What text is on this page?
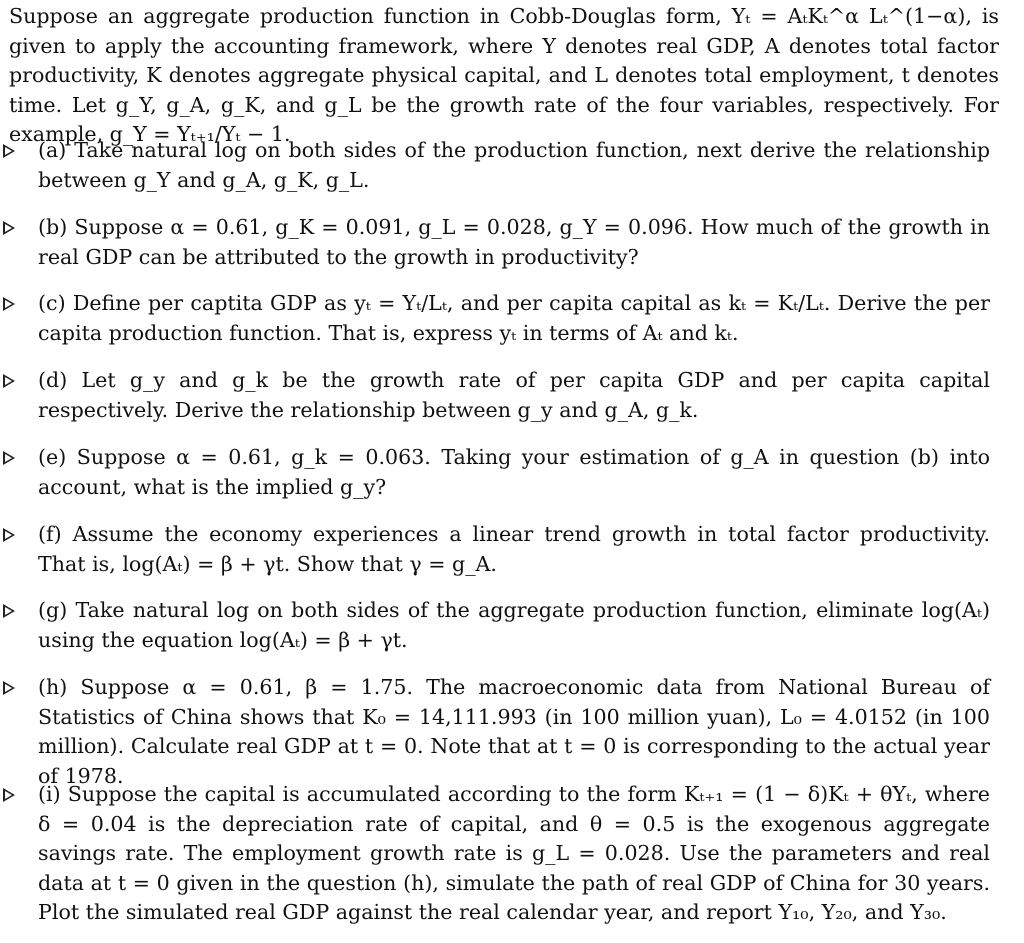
Suppose an aggregate production function in Cobb-Douglas form, Yₜ = AₜKₜ^α Lₜ^(1−α), is given to apply the accounting framework, where Y denotes real GDP, A denotes total factor productivity, K denotes aggregate physical capital, and L denotes total employment, t denotes time. Let g_Y, g_A, g_K, and g_L be the growth rate of the four variables, respectively. For example, g_Y = Yₜ₊₁/Yₜ − 1.

(a) Take natural log on both sides of the production function, next derive the relationship between g_Y and g_A, g_K, g_L.
(b) Suppose α = 0.61, g_K = 0.091, g_L = 0.028, g_Y = 0.096. How much of the growth in real GDP can be attributed to the growth in productivity?
(c) Define per captita GDP as yₜ = Yₜ/Lₜ, and per capita capital as kₜ = Kₜ/Lₜ. Derive the per capita production function. That is, express yₜ in terms of Aₜ and kₜ.
(d) Let g_y and g_k be the growth rate of per capita GDP and per capita capital respectively. Derive the relationship between g_y and g_A, g_k.
(e) Suppose α = 0.61, g_k = 0.063. Taking your estimation of g_A in question (b) into account, what is the implied g_y?
(f) Assume the economy experiences a linear trend growth in total factor productivity. That is, log(Aₜ) = β + γt. Show that γ = g_A.
(g) Take natural log on both sides of the aggregate production function, eliminate log(Aₜ) using the equation log(Aₜ) = β + γt.
(h) Suppose α = 0.61, β = 1.75. The macroeconomic data from National Bureau of Statistics of China shows that K₀ = 14,111.993 (in 100 million yuan), L₀ = 4.0152 (in 100 million). Calculate real GDP at t = 0. Note that at t = 0 is corresponding to the actual year of 1978.
(i) Suppose the capital is accumulated according to the form Kₜ₊₁ = (1 − δ)Kₜ + θYₜ, where δ = 0.04 is the depreciation rate of capital, and θ = 0.5 is the exogenous aggregate savings rate. The employment growth rate is g_L = 0.028. Use the parameters and real data at t = 0 given in the question (h), simulate the path of real GDP of China for 30 years. Plot the simulated real GDP against the real calendar year, and report Y₁₀, Y₂₀, and Y₃₀.
